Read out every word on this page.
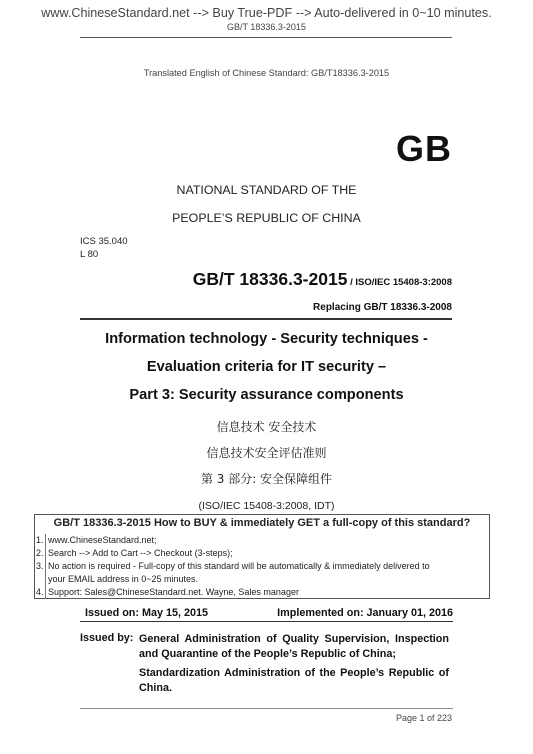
www.ChineseStandard.net --> Buy True-PDF --> Auto-delivered in 0~10 minutes.
GB/T 18336.3-2015
Translated English of Chinese Standard: GB/T18336.3-2015
GB
NATIONAL STANDARD OF THE
PEOPLE’S REPUBLIC OF CHINA
ICS 35.040
L 80
GB/T 18336.3-2015 / ISO/IEC 15408-3:2008
Replacing GB/T 18336.3-2008
Information technology - Security techniques -
Evaluation criteria for IT security –
Part 3: Security assurance components
信息技术 安全技术
信息技术安全评估准则
第 3 部分: 安全保障组件
(ISO/IEC 15408-3:2008, IDT)
GB/T 18336.3-2015 How to BUY & immediately GET a full-copy of this standard?
1. www.ChineseStandard.net;
2. Search --> Add to Cart --> Checkout (3-steps);
3. No action is required - Full-copy of this standard will be automatically & immediately delivered to
your EMAIL address in 0~25 minutes.
4. Support: Sales@ChineseStandard.net. Wayne, Sales manager
Issued on: May 15, 2015	Implemented on: January 01, 2016
Issued by: General Administration of Quality Supervision, Inspection and Quarantine of the People’s Republic of China;
Standardization Administration of the People’s Republic of China.
Page 1 of 223
